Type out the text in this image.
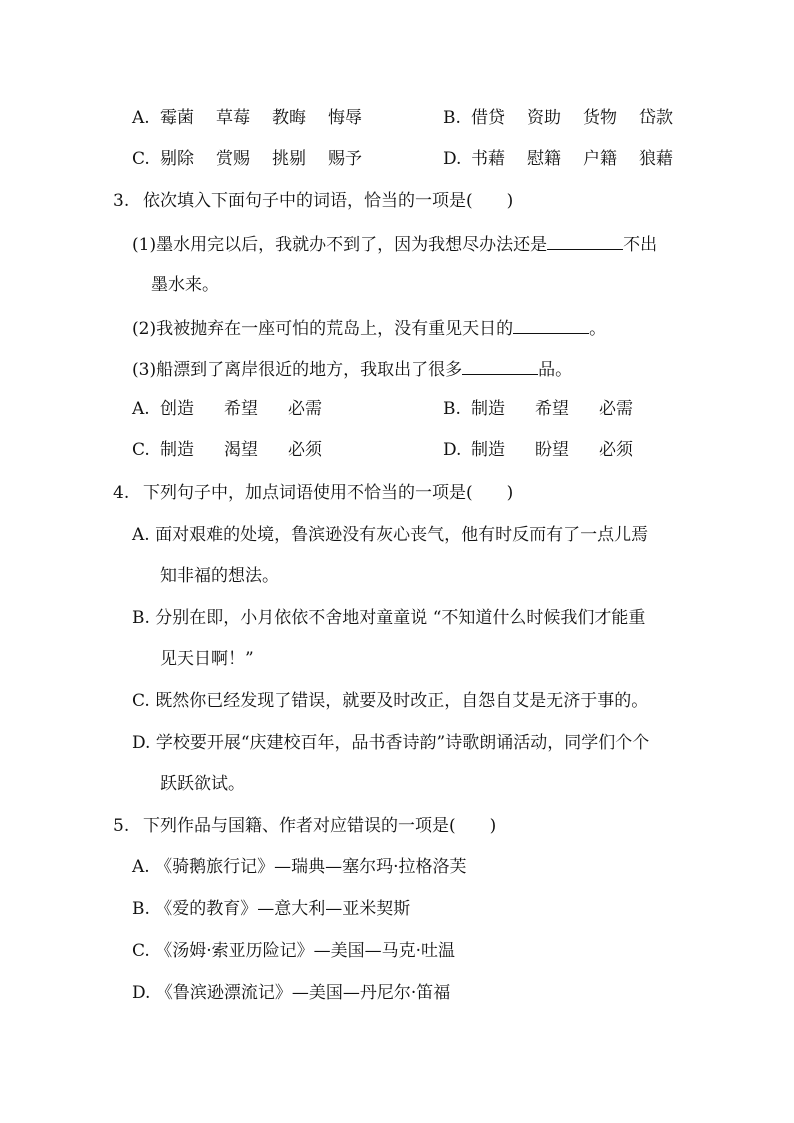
A. 霉菌 草莓 教晦 悔辱	B. 借贷 资助 货物 岱款
C. 剔除 赏赐 挑剔 赐予	D. 书藉 慰籍 户籍 狼藉
3. 依次填入下面句子中的词语，恰当的一项是(　　)
(1)墨水用完以后，我就办不到了，因为我想尽办法还是	不出
墨水来。
(2)我被抛弃在一座可怕的荒岛上，没有重见天日的	。
(3)船漂到了离岸很近的地方，我取出了很多	品。
A. 创造 希望 必需	B. 制造 希望 必需
C. 制造 渴望 必须	D. 制造 盼望 必须
4. 下列句子中，加点词语使用不恰当的一项是(　　)
A. 面对艰难的处境，鲁滨逊没有灰心丧气，他有时反而有了一点儿焉
知非福的想法。
B. 分别在即，小月依依不舍地对童童说 “不知道什么时候我们才能重
见天日啊！”
C. 既然你已经发现了错误，就要及时改正，自怨自艾是无济于事的。
D. 学校要开展“庆建校百年，品书香诗韵”诗歌朗诵活动，同学们个个
跃跃欲试。
5. 下列作品与国籍、作者对应错误的一项是(　　)
A. 《骑鹅旅行记》—瑞典—塞尔玛·拉格洛芙
B. 《爱的教育》—意大利—亚米契斯
C. 《汤姆·索亚历险记》—美国—马克·吐温
D. 《鲁滨逊漂流记》—美国—丹尼尔·笛福
